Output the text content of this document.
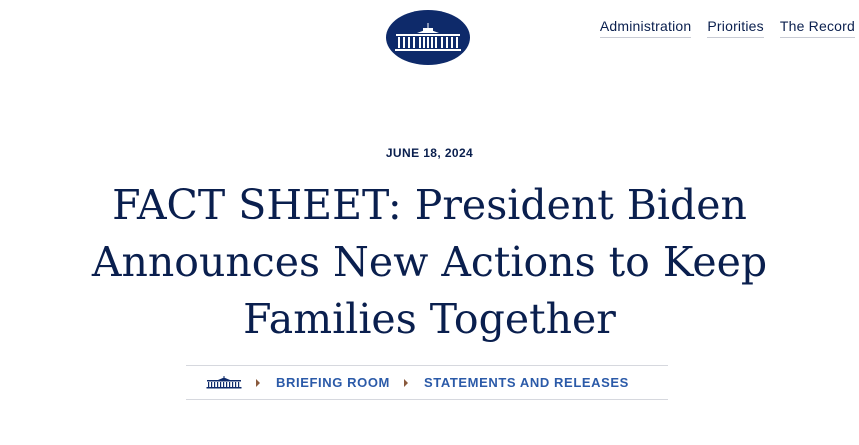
Administration Priorities The Record
JUNE 18, 2024
FACT SHEET: President Biden
Announces New Actions to Keep
Families Together
BRIEFING ROOM	STATEMENTS AND RELEASES
